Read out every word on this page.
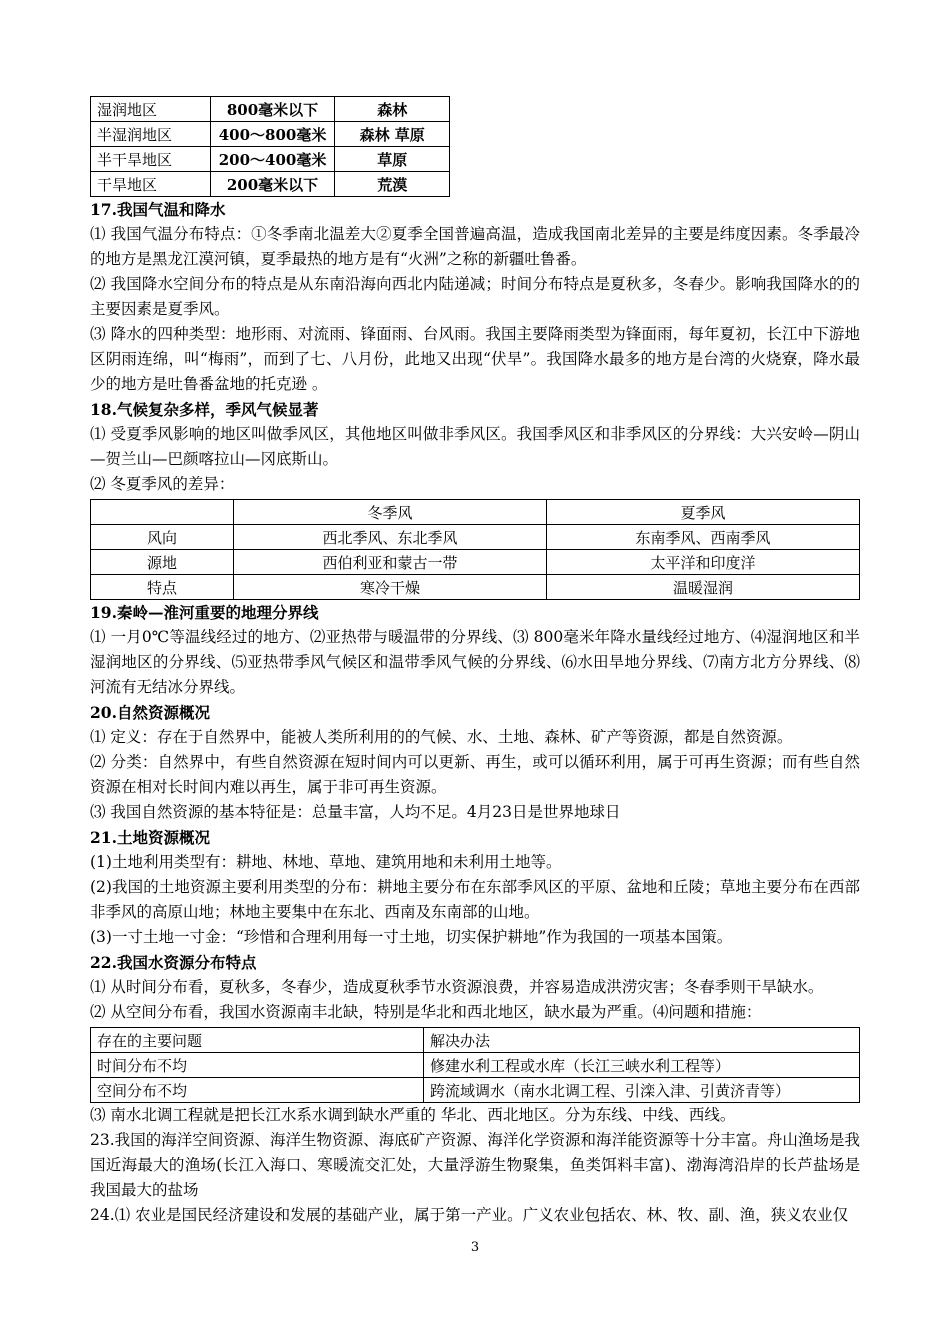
湿润地区	800毫米以下	森林
半湿润地区	400～800毫米	森林 草原
半干旱地区	200～400毫米	草原
干旱地区	200毫米以下	荒漠
17.我国气温和降水

⑴ 我国气温分布特点：①冬季南北温差大②夏季全国普遍高温，造成我国南北差异的主要是纬度因素。冬季最冷的地方是黑龙江漠河镇，夏季最热的地方是有“火洲”之称的新疆吐鲁番。

⑵ 我国降水空间分布的特点是从东南沿海向西北内陆递减；时间分布特点是夏秋多，冬春少。影响我国降水的的主要因素是夏季风。

⑶ 降水的四种类型：地形雨、对流雨、锋面雨、台风雨。我国主要降雨类型为锋面雨，每年夏初，长江中下游地区阴雨连绵，叫“梅雨”，而到了七、八月份，此地又出现“伏旱”。我国降水最多的地方是台湾的火烧寮，降水最少的地方是吐鲁番盆地的托克逊 。

18.气候复杂多样，季风气候显著

⑴ 受夏季风影响的地区叫做季风区，其他地区叫做非季风区。我国季风区和非季风区的分界线：大兴安岭—阴山—贺兰山—巴颜喀拉山—冈底斯山。

⑵ 冬夏季风的差异：

	冬季风	夏季风
风向	西北季风、东北季风	东南季风、西南季风
源地	西伯利亚和蒙古一带	太平洋和印度洋
特点	寒冷干燥	温暖湿润
19.秦岭—淮河重要的地理分界线

⑴ 一月0℃等温线经过的地方、⑵亚热带与暖温带的分界线、⑶ 800毫米年降水量线经过地方、⑷湿润地区和半湿润地区的分界线、⑸亚热带季风气候区和温带季风气候的分界线、⑹水田旱地分界线、⑺南方北方分界线、⑻河流有无结冰分界线。

20.自然资源概况

⑴ 定义：存在于自然界中，能被人类所利用的的气候、水、土地、森林、矿产等资源，都是自然资源。

⑵ 分类：自然界中，有些自然资源在短时间内可以更新、再生，或可以循环利用，属于可再生资源；而有些自然资源在相对长时间内难以再生，属于非可再生资源。

⑶ 我国自然资源的基本特征是：总量丰富，人均不足。4月23日是世界地球日

21.土地资源概况

(1)土地利用类型有：耕地、林地、草地、建筑用地和未利用土地等。

(2)我国的土地资源主要利用类型的分布：耕地主要分布在东部季风区的平原、盆地和丘陵；草地主要分布在西部非季风的高原山地；林地主要集中在东北、西南及东南部的山地。

(3)一寸土地一寸金：“珍惜和合理利用每一寸土地，切实保护耕地”作为我国的一项基本国策。

22.我国水资源分布特点

⑴ 从时间分布看，夏秋多，冬春少，造成夏秋季节水资源浪费，并容易造成洪涝灾害；冬春季则干旱缺水。

⑵ 从空间分布看，我国水资源南丰北缺，特别是华北和西北地区，缺水最为严重。⑷问题和措施：

存在的主要问题	解决办法
时间分布不均	修建水利工程或水库（长江三峡水利工程等）
空间分布不均	跨流域调水（南水北调工程、引滦入津、引黄济青等）

⑶ 南水北调工程就是把长江水系水调到缺水严重的 华北、西北地区。分为东线、中线、西线。

23.我国的海洋空间资源、海洋生物资源、海底矿产资源、海洋化学资源和海洋能资源等十分丰富。舟山渔场是我国近海最大的渔场(长江入海口、寒暖流交汇处，大量浮游生物聚集，鱼类饵料丰富)、渤海湾沿岸的长芦盐场是我国最大的盐场

24.⑴ 农业是国民经济建设和发展的基础产业，属于第一产业。广义农业包括农、林、牧、副、渔，狭义农业仅

3
